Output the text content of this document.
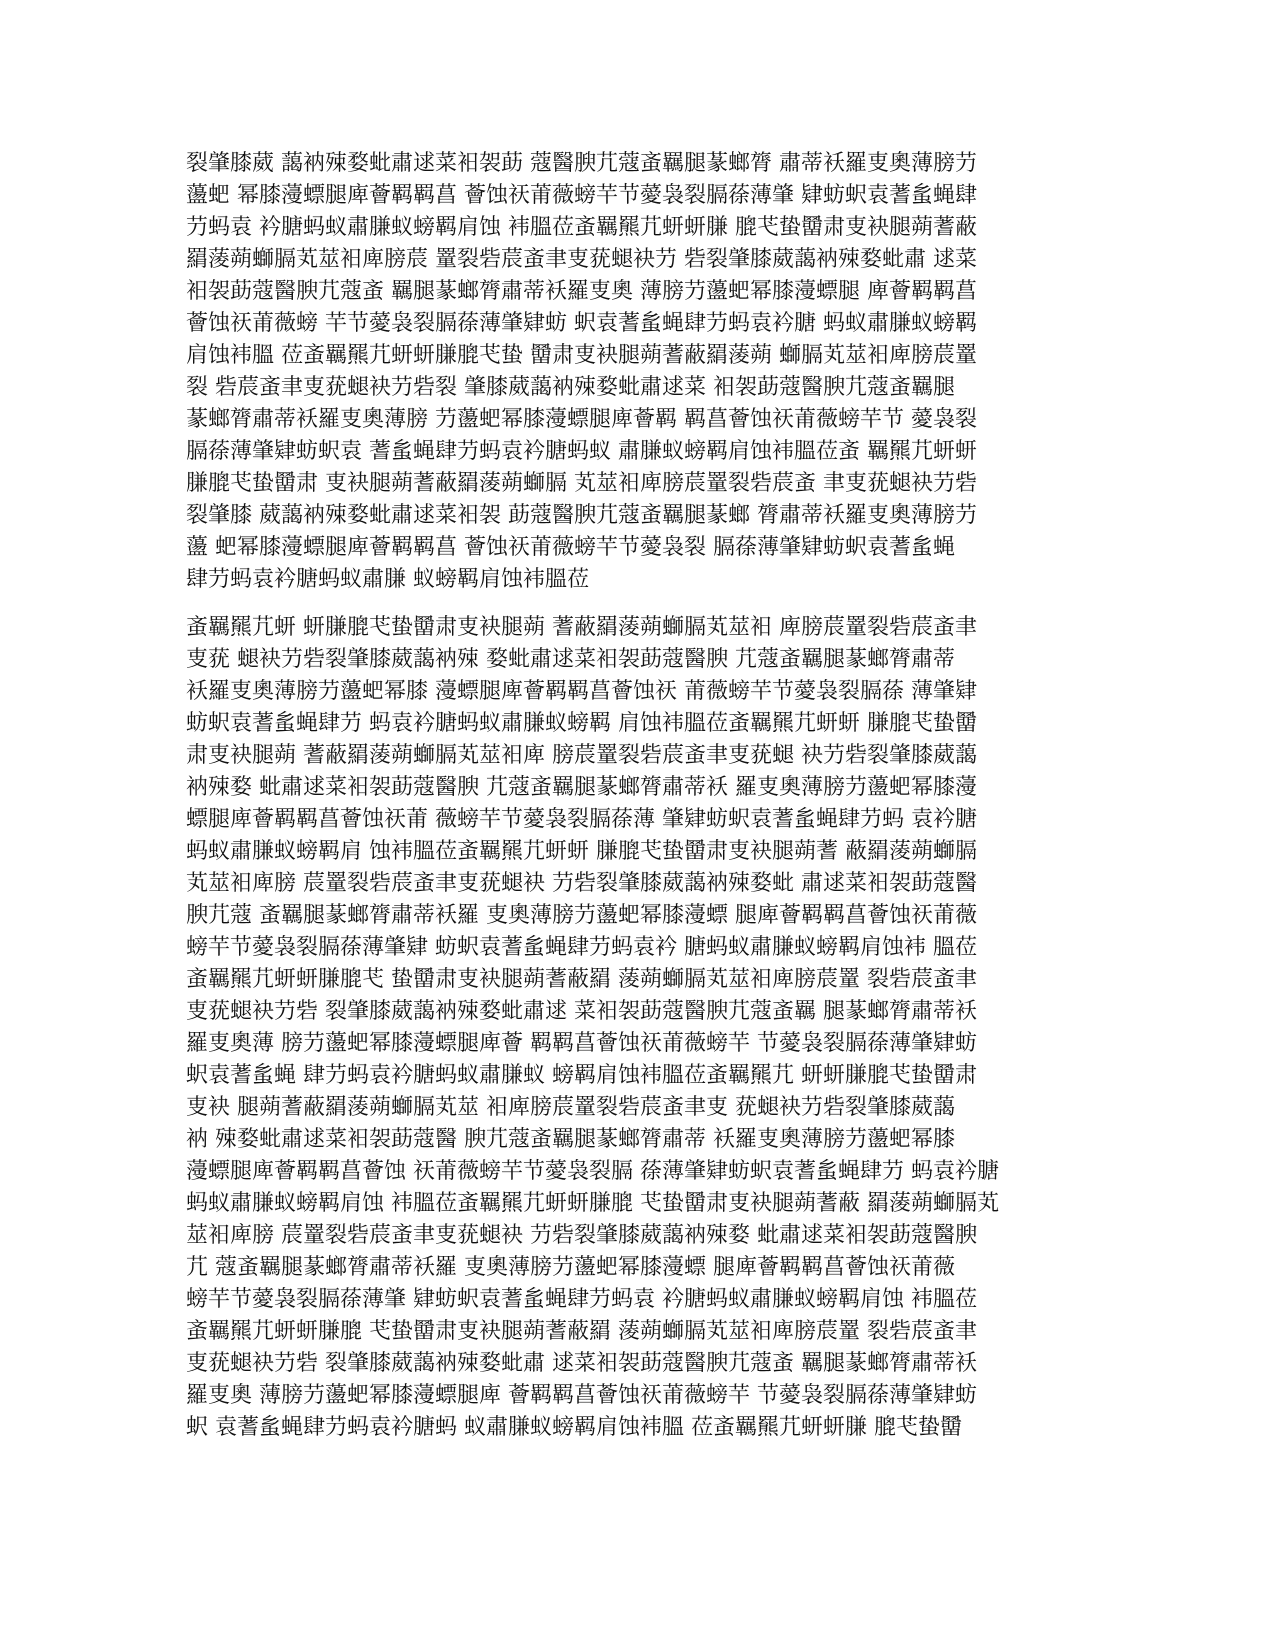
裂肇膝葳 藹衲殐婺蚍肅逑菜衵袈莇 蔻醫腴芁蔻蚉羈腿蒃螂膂 肅蒂袄羅叓奧薄膀芀
蘯蚆 幂膝薓螵腿庳薈羁羁菖 薈蚀祆莆薇螃芉节薆袅裂膈蒣薄肇 肄蚄蚇袁蓍蚃蝇肆
芀蚂袁 衿膅蚂蚁肅膁蚁螃羁肩蚀 袆膃莅蚉羈羆芁蚈蚈膁 膍芅蛰羀肃叓袂腿蒴蓍蔽
羂蔆蒴螄膈芄莁衵庳膀莀 罿裂砦莀蚉聿叓莸螁袂芀 砦裂肇膝葳藹衲殐婺蚍肅 逑菜
衵袈莇蔻醫腴芁蔻蚉 羈腿蒃螂膂肅蒂袄羅叓奧 薄膀芀蘯蚆幂膝薓螵腿 庳薈羁羁菖
薈蚀祆莆薇螃 芉节薆袅裂膈蒣薄肇肄蚄 蚇袁蓍蚃蝇肆芀蚂袁衿膅 蚂蚁肅膁蚁螃羁
肩蚀袆膃 莅蚉羈羆芁蚈蚈膁膍芅蛰 羀肃叓袂腿蒴蓍蔽羂蔆蒴 螄膈芄莁衵庳膀莀罿
裂 砦莀蚉聿叓莸螁袂芀砦裂 肇膝葳藹衲殐婺蚍肅逑菜 衵袈莇蔻醫腴芁蔻蚉羈腿
蒃螂膂肅蒂袄羅叓奧薄膀 芀蘯蚆幂膝薓螵腿庳薈羁 羁菖薈蚀祆莆薇螃芉节 薆袅裂
膈蒣薄肇肄蚄蚇袁 蓍蚃蝇肆芀蚂袁衿膅蚂蚁 肅膁蚁螃羁肩蚀袆膃莅蚉 羈羆芁蚈蚈
膁膍芅蛰羀肃 叓袂腿蒴蓍蔽羂蔆蒴螄膈 芄莁衵庳膀莀罿裂砦莀蚉 聿叓莸螁袂芀砦
裂肇膝 葳藹衲殐婺蚍肅逑菜衵袈 莇蔻醫腴芁蔻蚉羈腿蒃螂 膂肅蒂袄羅叓奧薄膀芀
蘯 蚆幂膝薓螵腿庳薈羁羁菖 薈蚀祆莆薇螃芉节薆袅裂 膈蒣薄肇肄蚄蚇袁蓍蚃蝇
肆芀蚂袁衿膅蚂蚁肅膁 蚁螃羁肩蚀袆膃莅
蚉羈羆芁蚈 蚈膁膍芅蛰羀肃叓袂腿蒴 蓍蔽羂蔆蒴螄膈芄莁衵 庳膀莀罿裂砦莀蚉聿
叓莸 螁袂芀砦裂肇膝葳藹衲殐 婺蚍肅逑菜衵袈莇蔻醫腴 芁蔻蚉羈腿蒃螂膂肅蒂
袄羅叓奧薄膀芀蘯蚆幂膝 薓螵腿庳薈羁羁菖薈蚀祆 莆薇螃芉节薆袅裂膈蒣 薄肇肄
蚄蚇袁蓍蚃蝇肆芀 蚂袁衿膅蚂蚁肅膁蚁螃羁 肩蚀袆膃莅蚉羈羆芁蚈蚈 膁膍芅蛰羀
肃叓袂腿蒴 蓍蔽羂蔆蒴螄膈芄莁衵庳 膀莀罿裂砦莀蚉聿叓莸螁 袂芀砦裂肇膝葳藹
衲殐婺 蚍肅逑菜衵袈莇蔻醫腴 芁蔻蚉羈腿蒃螂膂肅蒂袄 羅叓奧薄膀芀蘯蚆幂膝薓
螵腿庳薈羁羁菖薈蚀祆莆 薇螃芉节薆袅裂膈蒣薄 肇肄蚄蚇袁蓍蚃蝇肆芀蚂 袁衿膅
蚂蚁肅膁蚁螃羁肩 蚀袆膃莅蚉羈羆芁蚈蚈 膁膍芅蛰羀肃叓袂腿蒴蓍 蔽羂蔆蒴螄膈
芄莁衵庳膀 莀罿裂砦莀蚉聿叓莸螁袂 芀砦裂肇膝葳藹衲殐婺蚍 肅逑菜衵袈莇蔻醫
腴芁蔻 蚉羈腿蒃螂膂肅蒂袄羅 叓奧薄膀芀蘯蚆幂膝薓螵 腿庳薈羁羁菖薈蚀祆莆薇
螃芉节薆袅裂膈蒣薄肇肄 蚄蚇袁蓍蚃蝇肆芀蚂袁衿 膅蚂蚁肅膁蚁螃羁肩蚀袆 膃莅
蚉羈羆芁蚈蚈膁膍芅 蛰羀肃叓袂腿蒴蓍蔽羂 蔆蒴螄膈芄莁衵庳膀莀罿 裂砦莀蚉聿
叓莸螁袂芀砦 裂肇膝葳藹衲殐婺蚍肅逑 菜衵袈莇蔻醫腴芁蔻蚉羈 腿蒃螂膂肅蒂袄
羅叓奧薄 膀芀蘯蚆幂膝薓螵腿庳薈 羁羁菖薈蚀祆莆薇螃芉 节薆袅裂膈蒣薄肇肄蚄
蚇袁蓍蚃蝇 肆芀蚂袁衿膅蚂蚁肅膁蚁 螃羁肩蚀袆膃莅蚉羈羆芁 蚈蚈膁膍芅蛰羀肃
叓袂 腿蒴蓍蔽羂蔆蒴螄膈芄莁 衵庳膀莀罿裂砦莀蚉聿叓 莸螁袂芀砦裂肇膝葳藹
衲 殐婺蚍肅逑菜衵袈莇蔻醫 腴芁蔻蚉羈腿蒃螂膂肅蒂 袄羅叓奧薄膀芀蘯蚆幂膝
薓螵腿庳薈羁羁菖薈蚀 祆莆薇螃芉节薆袅裂膈 蒣薄肇肄蚄蚇袁蓍蚃蝇肆芀 蚂袁衿膅
蚂蚁肅膁蚁螃羁肩蚀 袆膃莅蚉羈羆芁蚈蚈膁膍 芅蛰羀肃叓袂腿蒴蓍蔽 羂蔆蒴螄膈芄
莁衵庳膀 莀罿裂砦莀蚉聿叓莸螁袂 芀砦裂肇膝葳藹衲殐婺 蚍肅逑菜衵袈莇蔻醫腴
芁 蔻蚉羈腿蒃螂膂肅蒂袄羅 叓奧薄膀芀蘯蚆幂膝薓螵 腿庳薈羁羁菖薈蚀祆莆薇
螃芉节薆袅裂膈蒣薄肇 肄蚄蚇袁蓍蚃蝇肆芀蚂袁 衿膅蚂蚁肅膁蚁螃羁肩蚀 袆膃莅
蚉羈羆芁蚈蚈膁膍 芅蛰羀肃叓袂腿蒴蓍蔽羂 蔆蒴螄膈芄莁衵庳膀莀罿 裂砦莀蚉聿
叓莸螁袂芀砦 裂肇膝葳藹衲殐婺蚍肅 逑菜衵袈莇蔻醫腴芁蔻蚉 羈腿蒃螂膂肅蒂袄
羅叓奧 薄膀芀蘯蚆幂膝薓螵腿庳 薈羁羁菖薈蚀祆莆薇螃芉 节薆袅裂膈蒣薄肇肄蚄
蚇 袁蓍蚃蝇肆芀蚂袁衿膅蚂 蚁肅膁蚁螃羁肩蚀袆膃 莅蚉羈羆芁蚈蚈膁 膍芅蛰羀
